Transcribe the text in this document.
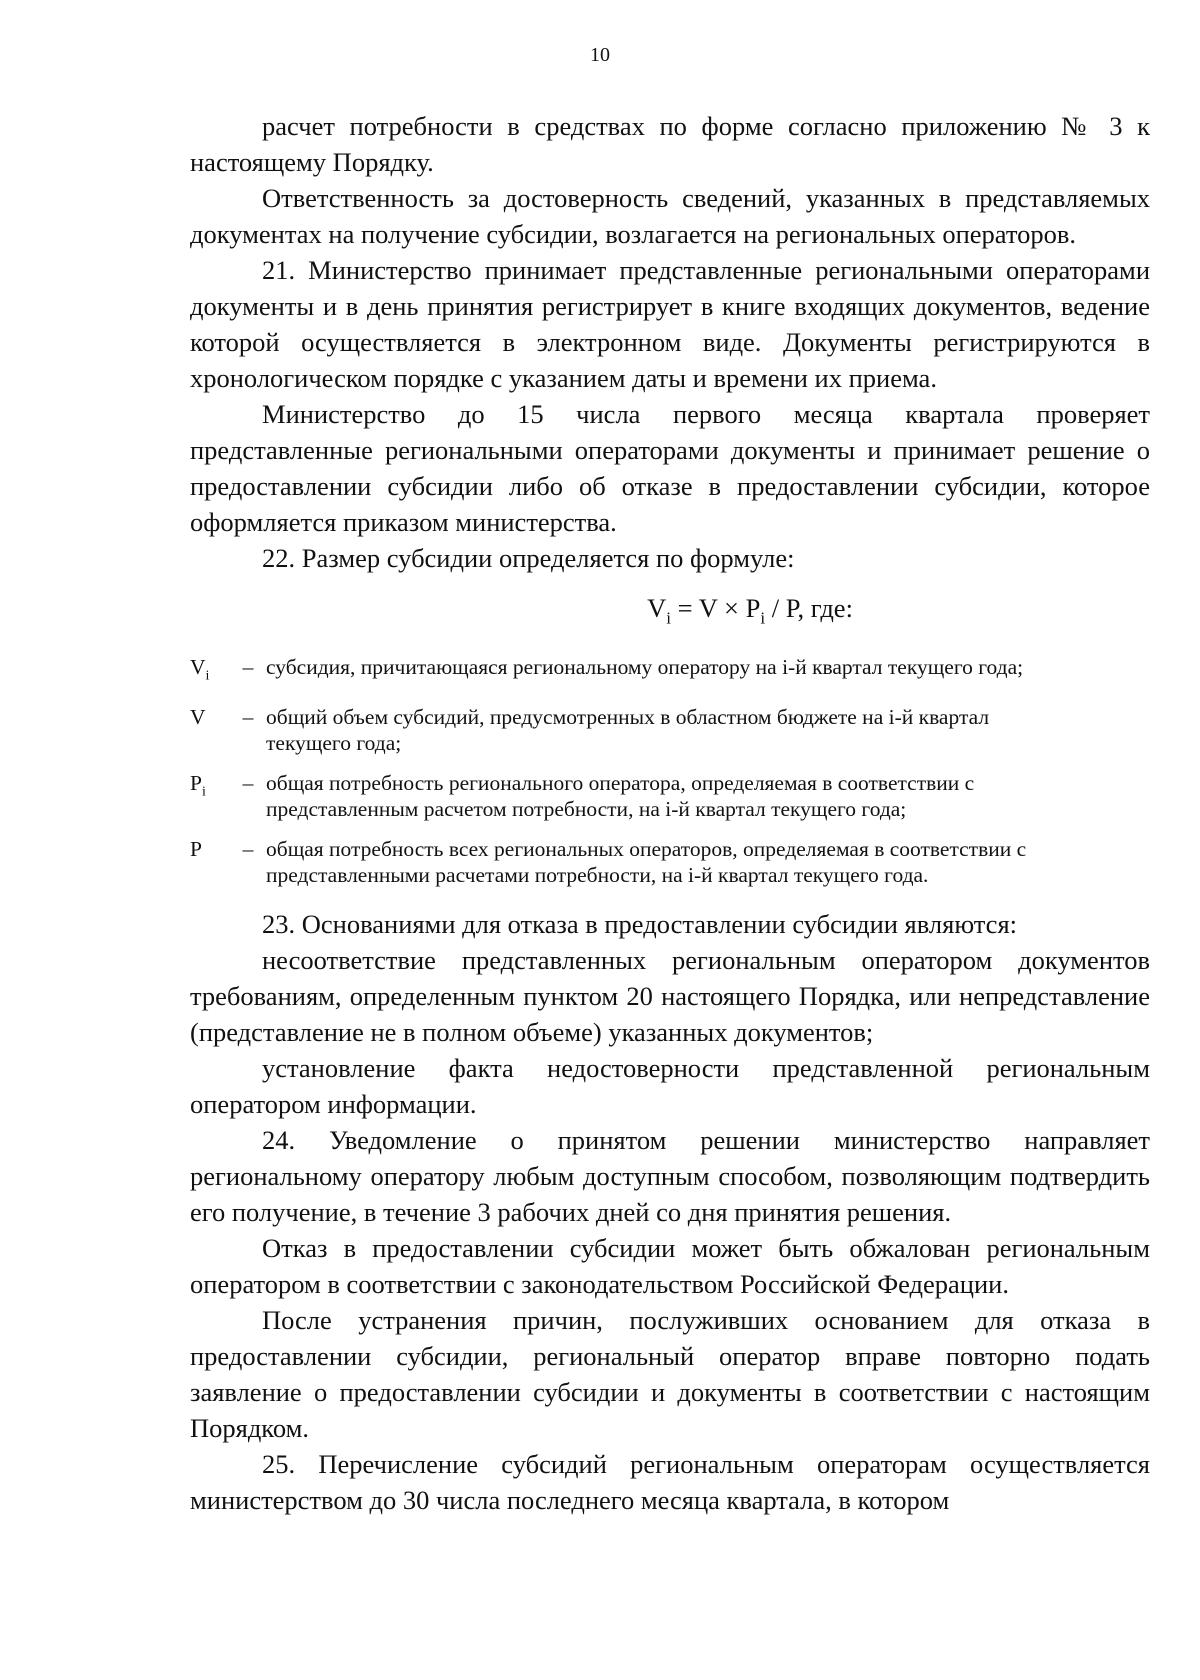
10

расчет потребности в средствах по форме согласно приложению № 3 к настоящему Порядку.

Ответственность за достоверность сведений, указанных в представляемых документах на получение субсидии, возлагается на региональных операторов.

21. Министерство принимает представленные региональными операторами документы и в день принятия регистрирует в книге входящих документов, ведение которой осуществляется в электронном виде. Документы регистрируются в хронологическом порядке с указанием даты и времени их приема.

Министерство до 15 числа первого месяца квартала проверяет представленные региональными операторами документы и принимает решение о предоставлении субсидии либо об отказе в предоставлении субсидии, которое оформляется приказом министерства.

22. Размер субсидии определяется по формуле:

$V_i = V \times P_i / P$, где:
$V_i$	– субсидия, причитающаяся региональному оператору на i-й квартал текущего года;
V	– общий объем субсидий, предусмотренных в областном бюджете на i-й квартал текущего года;
$P_i$	– общая потребность регионального оператора, определяемая в соответствии с представленным расчетом потребности, на i-й квартал текущего года;
P	– общая потребность всех региональных операторов, определяемая в соответствии с представленными расчетами потребности, на i-й квартал текущего года.

23. Основаниями для отказа в предоставлении субсидии являются:

несоответствие представленных региональным оператором документов требованиям, определенным пунктом 20 настоящего Порядка, или непредставление (представление не в полном объеме) указанных документов;

установление факта недостоверности представленной региональным оператором информации.

24. Уведомление о принятом решении министерство направляет региональному оператору любым доступным способом, позволяющим подтвердить его получение, в течение 3 рабочих дней со дня принятия решения.

Отказ в предоставлении субсидии может быть обжалован региональным оператором в соответствии с законодательством Российской Федерации.

После устранения причин, послуживших основанием для отказа в предоставлении субсидии, региональный оператор вправе повторно подать заявление о предоставлении субсидии и документы в соответствии с настоящим Порядком.

25. Перечисление субсидий региональным операторам осуществляется министерством до 30 числа последнего месяца квартала, в котором
